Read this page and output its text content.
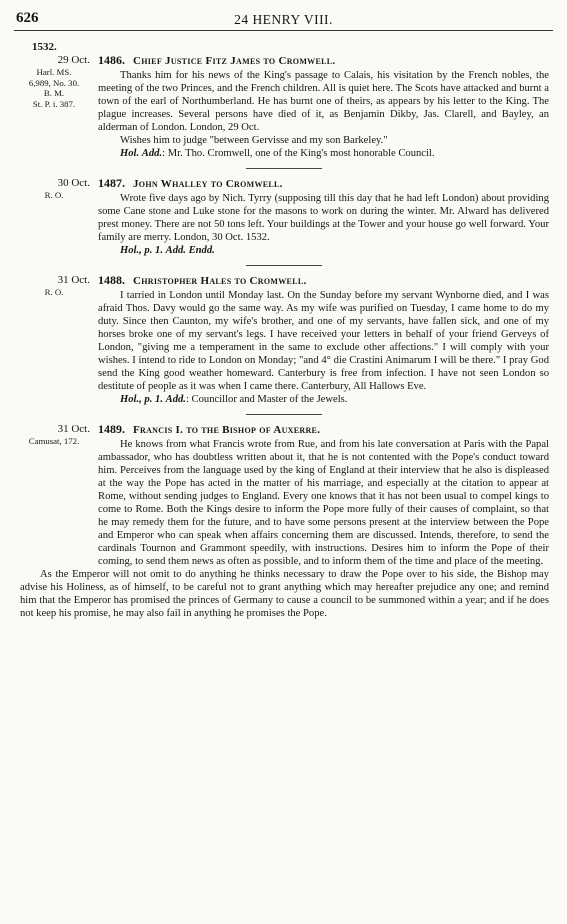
626	24 HENRY VIII.
1532.
29 Oct.
Harl. MS.
6,989, No. 30.
B. M.
St. P. i. 387.
1486. Chief Justice Fitz James to Cromwell.

Thanks him for his news of the King's passage to Calais, his visitation by the French nobles, the meeting of the two Princes, and the French children. All is quiet here. The Scots have attacked and burnt a town of the earl of Northumberland. He has burnt one of theirs, as appears by his letter to the King. The plague increases. Several persons have died of it, as Benjamin Dikby, Jas. Clarell, and Bayley, an alderman of London. London, 29 Oct.

Wishes him to judge "between Gervisse and my son Barkeley."

Hol. Add.: Mr. Tho. Cromwell, one of the King's most honorable Council.

30 Oct.
R. O.
1487. John Whalley to Cromwell.

Wrote five days ago by Nich. Tyrry (supposing till this day that he had left London) about providing some Cane stone and Luke stone for the masons to work on during the winter. Mr. Alward has delivered prest money. There are not 50 tons left. Your buildings at the Tower and your house go well forward. Your family are merry. London, 30 Oct. 1532.

Hol., p. 1. Add. Endd.

31 Oct.
R. O.
1488. Christopher Hales to Cromwell.

I tarried in London until Monday last. On the Sunday before my servant Wynborne died, and I was afraid Thos. Davy would go the same way. As my wife was purified on Tuesday, I came home to do my duty. Since then Caunton, my wife's brother, and one of my servants, have fallen sick, and one of my horses broke one of my servant's legs. I have received your letters in behalf of your friend Gerveys of London, "giving me a temperament in the same to exclude other affections." I will comply with your wishes. I intend to ride to London on Monday; "and 4° die Crastini Animarum I will be there." I pray God send the King good weather homeward. Canterbury is free from infection. I have not seen London so destitute of people as it was when I came there. Canterbury, All Hallows Eve.

Hol., p. 1. Add.: Councillor and Master of the Jewels.

31 Oct.
Camusat, 172.
1489. Francis I. to the Bishop of Auxerre.

He knows from what Francis wrote from Rue, and from his late conversation at Paris with the Papal ambassador, who has doubtless written about it, that he is not contented with the Pope's conduct toward him. Perceives from the language used by the king of England at their interview that he also is displeased at the way the Pope has acted in the matter of his marriage, and especially at the citation to appear at Rome, without sending judges to England. Every one knows that it has not been usual to compel kings to come to Rome. Both the Kings desire to inform the Pope more fully of their causes of complaint, so that he may remedy them for the future, and to have some persons present at the interview between the Pope and Emperor who can speak when affairs concerning them are discussed. Intends, therefore, to send the cardinals Tournon and Grammont speedily, with instructions. Desires him to inform the Pope of their coming, to send them news as often as possible, and to inform them of the time and place of the meeting.

As the Emperor will not omit to do anything he thinks necessary to draw the Pope over to his side, the Bishop may advise his Holiness, as of himself, to be careful not to grant anything which may hereafter prejudice any one; and remind him that the Emperor has promised the princes of Germany to cause a council to be summoned within a year; and if he does not keep his promise, he may also fail in anything he promises the Pope.
